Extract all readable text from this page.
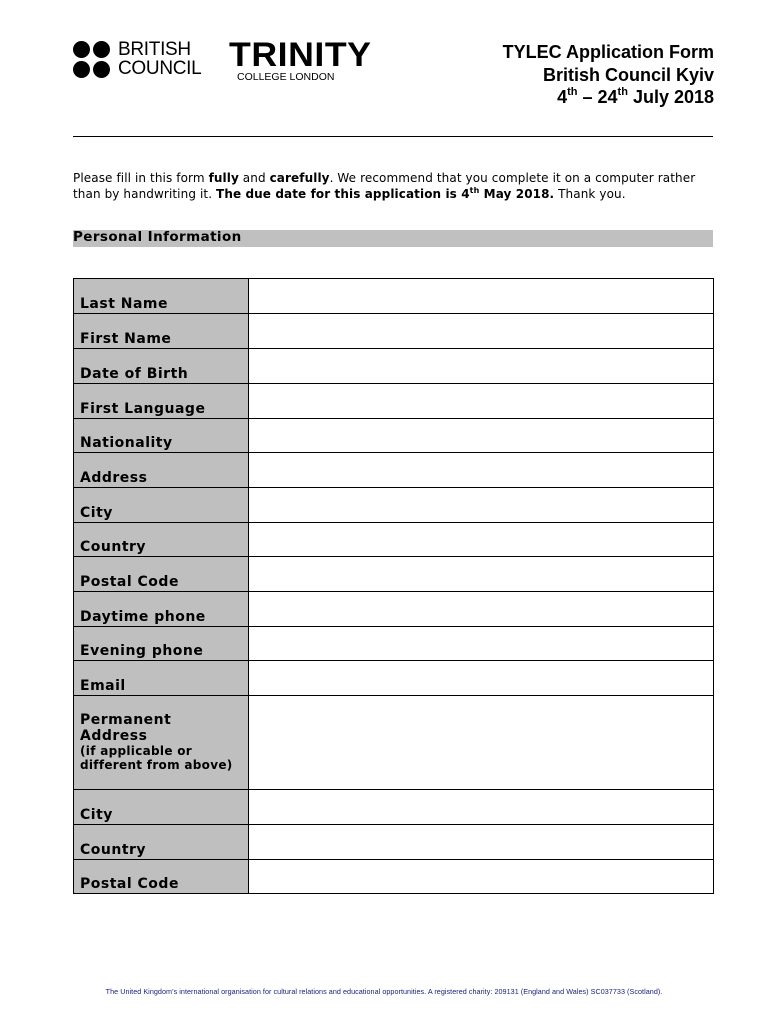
BRITISH
COUNCIL TRINITY
COLLEGE LONDON
TYLEC Application Form
British Council Kyiv
4th – 24th July 2018
Please fill in this form fully and carefully. We recommend that you complete it on a computer rather than by handwriting it. The due date for this application is 4th May 2018. Thank you.
Personal Information
Last Name	

First Name	

Date of Birth	

First Language	

Nationality	

Address	

City	

Country	

Postal Code	

Daytime phone	

Evening phone	

Email	

Permanent Address
(if applicable or different from above)

City	

Country	

Postal Code	
The United Kingdom’s international organisation for cultural relations and educational opportunities. A registered charity: 209131 (England and Wales) SC037733 (Scotland).
